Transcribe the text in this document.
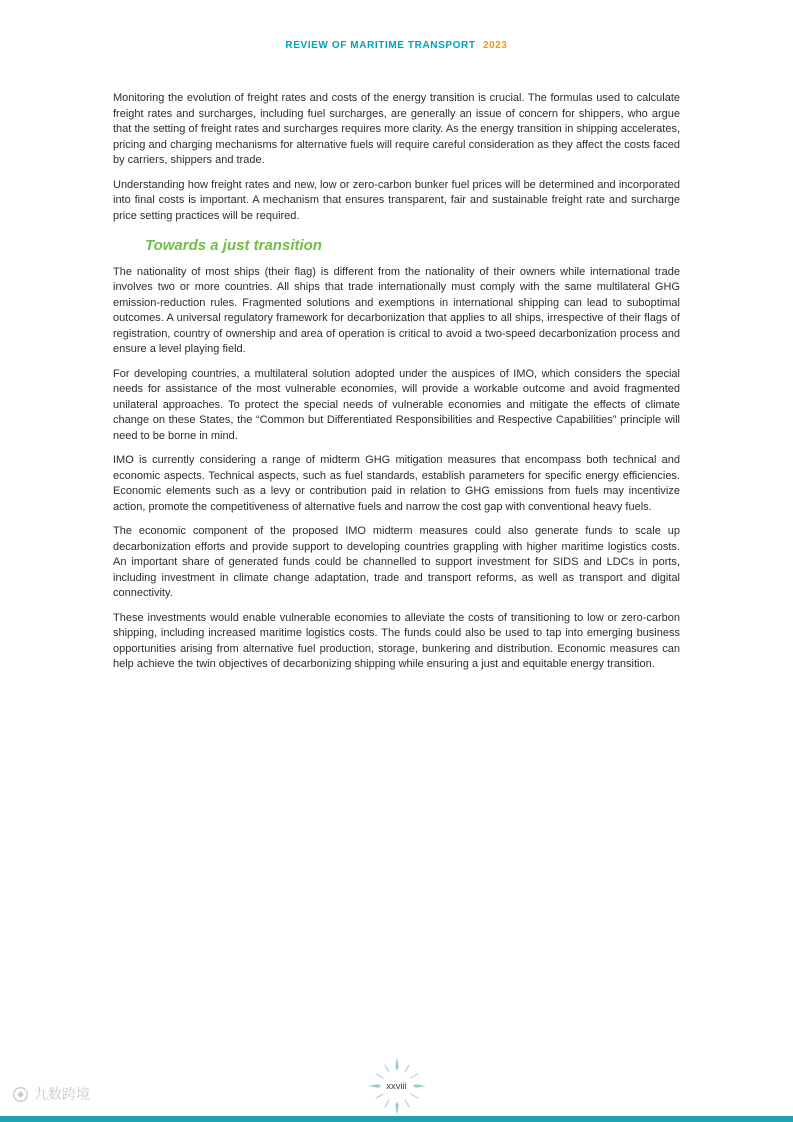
REVIEW OF MARITIME TRANSPORT 2023

Monitoring the evolution of freight rates and costs of the energy transition is crucial. The formulas used to calculate freight rates and surcharges, including fuel surcharges, are generally an issue of concern for shippers, who argue that the setting of freight rates and surcharges requires more clarity. As the energy transition in shipping accelerates, pricing and charging mechanisms for alternative fuels will require careful consideration as they affect the costs faced by carriers, shippers and trade.

Understanding how freight rates and new, low or zero-carbon bunker fuel prices will be determined and incorporated into final costs is important. A mechanism that ensures transparent, fair and sustainable freight rate and surcharge price setting practices will be required.

Towards a just transition

The nationality of most ships (their flag) is different from the nationality of their owners while international trade involves two or more countries. All ships that trade internationally must comply with the same multilateral GHG emission-reduction rules. Fragmented solutions and exemptions in international shipping can lead to suboptimal outcomes. A universal regulatory framework for decarbonization that applies to all ships, irrespective of their flags of registration, country of ownership and area of operation is critical to avoid a two-speed decarbonization process and ensure a level playing field.

For developing countries, a multilateral solution adopted under the auspices of IMO, which considers the special needs for assistance of the most vulnerable economies, will provide a workable outcome and avoid fragmented unilateral approaches. To protect the special needs of vulnerable economies and mitigate the effects of climate change on these States, the “Common but Differentiated Responsibilities and Respective Capabilities” principle will need to be borne in mind.

IMO is currently considering a range of midterm GHG mitigation measures that encompass both technical and economic aspects. Technical aspects, such as fuel standards, establish parameters for specific energy efficiencies. Economic elements such as a levy or contribution paid in relation to GHG emissions from fuels may incentivize action, promote the competitiveness of alternative fuels and narrow the cost gap with conventional heavy fuels.

The economic component of the proposed IMO midterm measures could also generate funds to scale up decarbonization efforts and provide support to developing countries grappling with higher maritime logistics costs. An important share of generated funds could be channelled to support investment for SIDS and LDCs in ports, including investment in climate change adaptation, trade and transport reforms, as well as transport and digital connectivity.

These investments would enable vulnerable economies to alleviate the costs of transitioning to low or zero-carbon shipping, including increased maritime logistics costs. The funds could also be used to tap into emerging business opportunities arising from alternative fuel production, storage, bunkering and distribution. Economic measures can help achieve the twin objectives of decarbonizing shipping while ensuring a just and equitable energy transition.

xxviii
九数跨境
